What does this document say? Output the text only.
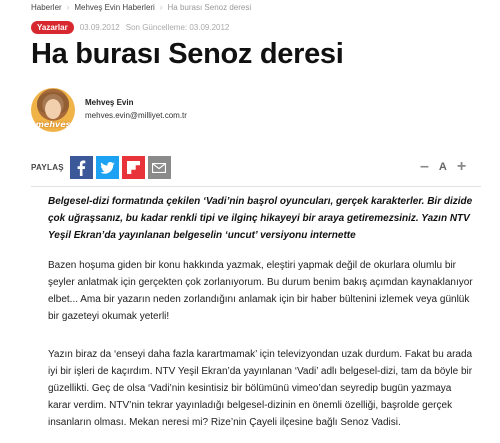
Haberler › Mehveş Evin Haberleri › Ha burası Senoz deresi
Yazarlar	03.09.2012 Son Güncelleme: 03.09.2012
Ha burası Senoz deresi
mehveş
Mehveş Evin
mehves.evin@milliyet.com.tr
PAYLAŞ	– A +

Belgesel-dizi formatında çekilen ‘Vadi’nin başrol oyuncuları, gerçek karakterler. Bir dizide çok uğraşsanız, bu kadar renkli tipi ve ilginç hikayeyi bir araya getiremezsiniz. Yazın NTV Yeşil Ekran’da yayınlanan belgeselin ‘uncut’ versiyonu internette

Bazen hoşuma giden bir konu hakkında yazmak, eleştiri yapmak değil de okurlara olumlu bir şeyler anlatmak için gerçekten çok zorlanıyorum. Bu durum benim bakış açımdan kaynaklanıyor elbet... Ama bir yazarın neden zorlandığını anlamak için bir haber bültenini izlemek veya günlük bir gazeteyi okumak yeterli!

Yazın biraz da ‘enseyi daha fazla karartmamak’ için televizyondan uzak durdum. Fakat bu arada iyi bir işleri de kaçırdım. NTV Yeşil Ekran’da yayınlanan ‘Vadi’ adlı belgesel-dizi, tam da böyle bir güzellikti. Geç de olsa ‘Vadi’nin kesintisiz bir bölümünü vimeo’dan seyredip bugün yazmaya karar verdim. NTV’nin tekrar yayınladığı belgesel-dizinin en önemli özelliği, başrolde gerçek insanların olması. Mekan neresi mi? Rize’nin Çayeli ilçesine bağlı Senoz Vadisi.
